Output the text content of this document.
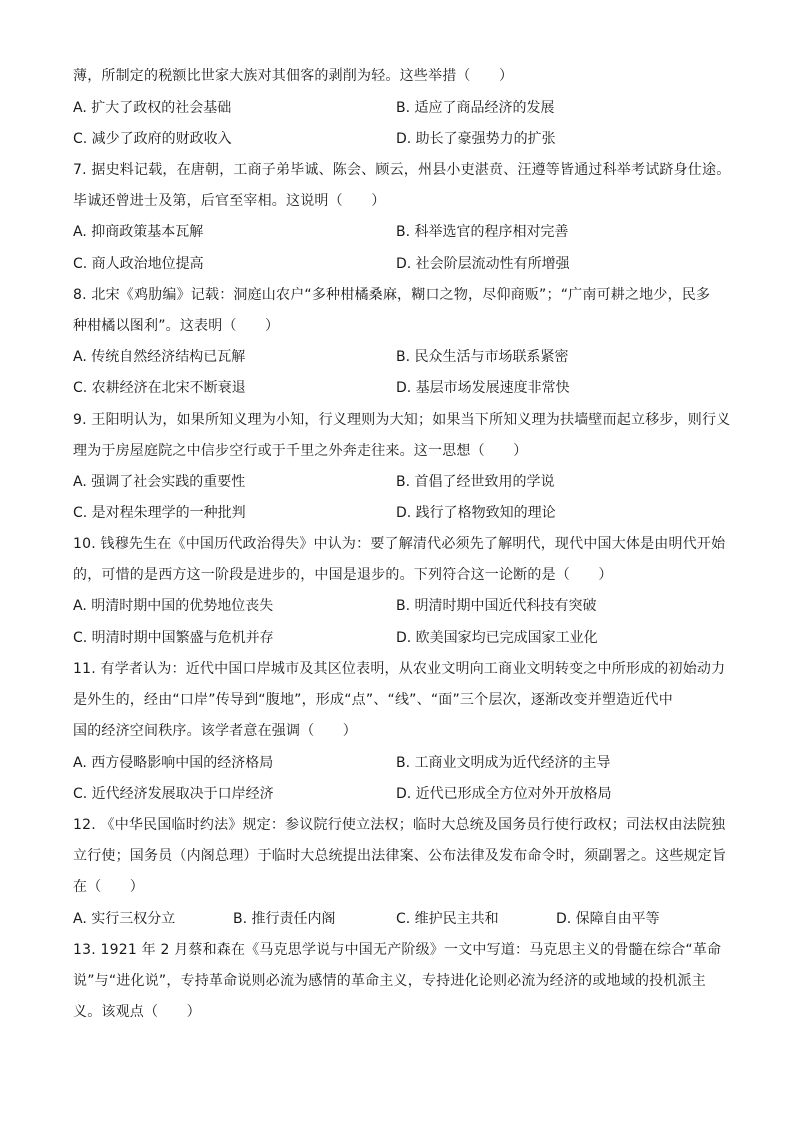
薄，所制定的税额比世家大族对其佃客的剥削为轻。这些举措（　　）
A. 扩大了政权的社会基础	B. 适应了商品经济的发展
C. 减少了政府的财政收入	D. 助长了豪强势力的扩张
7. 据史料记载，在唐朝，工商子弟毕诚、陈会、顾云，州县小吏湛贲、汪遵等皆通过科举考试跻身仕途。
毕诚还曾进士及第，后官至宰相。这说明（　　）
A. 抑商政策基本瓦解	B. 科举选官的程序相对完善
C. 商人政治地位提高	D. 社会阶层流动性有所增强
8. 北宋《鸡肋编》记载：洞庭山农户“多种柑橘桑麻，糊口之物，尽仰商贩”；“广南可耕之地少，民多
种柑橘以图利”。这表明（　　）
A. 传统自然经济结构已瓦解	B. 民众生活与市场联系紧密
C. 农耕经济在北宋不断衰退	D. 基层市场发展速度非常快
9. 王阳明认为，如果所知义理为小知，行义理则为大知；如果当下所知义理为扶墙壁而起立移步，则行义
理为于房屋庭院之中信步空行或于千里之外奔走往来。这一思想（　　）
A. 强调了社会实践的重要性	B. 首倡了经世致用的学说
C. 是对程朱理学的一种批判	D. 践行了格物致知的理论
10. 钱穆先生在《中国历代政治得失》中认为：要了解清代必须先了解明代，现代中国大体是由明代开始
的，可惜的是西方这一阶段是进步的，中国是退步的。下列符合这一论断的是（　　）
A. 明清时期中国的优势地位丧失	B. 明清时期中国近代科技有突破
C. 明清时期中国繁盛与危机并存	D. 欧美国家均已完成国家工业化
11. 有学者认为：近代中国口岸城市及其区位表明，从农业文明向工商业文明转变之中所形成的初始动力
是外生的，经由“口岸”传导到“腹地”，形成“点”、“线”、“面”三个层次，逐渐改变并塑造近代中
国的经济空间秩序。该学者意在强调（　　）
A. 西方侵略影响中国的经济格局	B. 工商业文明成为近代经济的主导
C. 近代经济发展取决于口岸经济	D. 近代已形成全方位对外开放格局
12. 《中华民国临时约法》规定：参议院行使立法权；临时大总统及国务员行使行政权；司法权由法院独
立行使；国务员（内阁总理）于临时大总统提出法律案、公布法律及发布命令时，须副署之。这些规定旨
在（　　）
A. 实行三权分立	B. 推行责任内阁	C. 维护民主共和	D. 保障自由平等
13. 1921 年 2 月蔡和森在《马克思学说与中国无产阶级》一文中写道：马克思主义的骨髓在综合“革命
说”与“进化说”，专持革命说则必流为感情的革命主义，专持进化论则必流为经济的或地域的投机派主
义。该观点（　　）
